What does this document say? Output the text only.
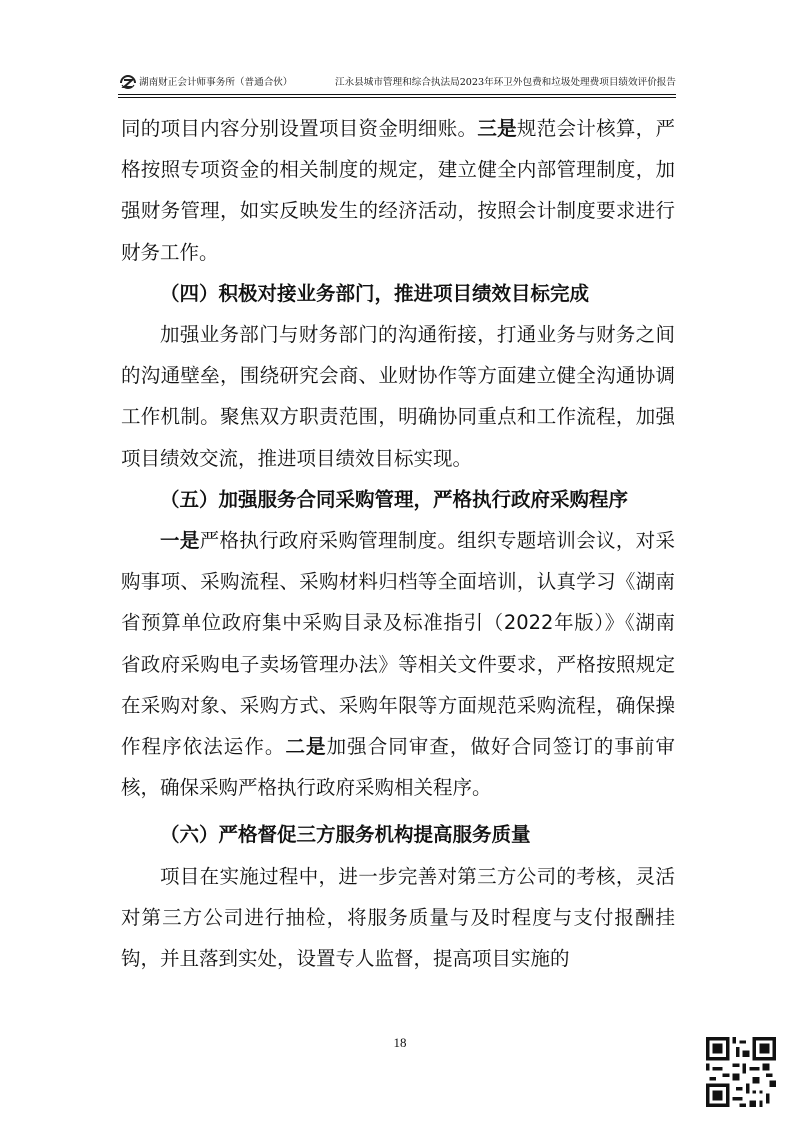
湖南财正会计师事务所（普通合伙）	江永县城市管理和综合执法局2023年环卫外包费和垃圾处理费项目绩效评价报告

同的项目内容分别设置项目资金明细账。三是规范会计核算，严格按照专项资金的相关制度的规定，建立健全内部管理制度，加强财务管理，如实反映发生的经济活动，按照会计制度要求进行财务工作。

（四）积极对接业务部门，推进项目绩效目标完成

加强业务部门与财务部门的沟通衔接，打通业务与财务之间的沟通壁垒，围绕研究会商、业财协作等方面建立健全沟通协调工作机制。聚焦双方职责范围，明确协同重点和工作流程，加强项目绩效交流，推进项目绩效目标实现。

（五）加强服务合同采购管理，严格执行政府采购程序

一是严格执行政府采购管理制度。组织专题培训会议，对采购事项、采购流程、采购材料归档等全面培训，认真学习《湖南省预算单位政府集中采购目录及标准指引（2022年版）》《湖南省政府采购电子卖场管理办法》等相关文件要求，严格按照规定在采购对象、采购方式、采购年限等方面规范采购流程，确保操作程序依法运作。二是加强合同审查，做好合同签订的事前审核，确保采购严格执行政府采购相关程序。

（六）严格督促三方服务机构提高服务质量

项目在实施过程中，进一步完善对第三方公司的考核，灵活对第三方公司进行抽检，将服务质量与及时程度与支付报酬挂钩，并且落到实处，设置专人监督，提高项目实施的

18
